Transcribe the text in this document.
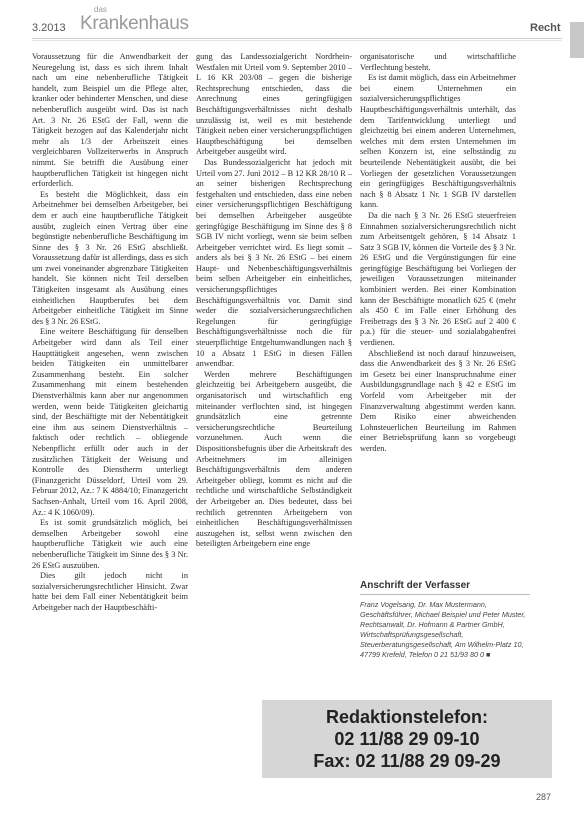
3.2013
das
Krankenhaus	Recht

Voraussetzung für die Anwendbarkeit der Neuregelung ist, dass es sich ihrem Inhalt nach um eine nebenberufliche Tätigkeit handelt, zum Beispiel um die Pflege alter, kranker oder behinderter Menschen, und diese nebenberuflich ausgeübt wird. Das ist nach Art. 3 Nr. 26 EStG der Fall, wenn die Tätigkeit bezogen auf das Kalenderjahr nicht mehr als 1/3 der Arbeitszeit eines vergleichbaren Vollzeiterwerbs in Anspruch nimmt. Sie betrifft die Ausübung einer hauptberuflichen Tätigkeit ist hingegen nicht erforderlich.

Es besteht die Möglichkeit, dass ein Arbeitnehmer bei demselben Arbeitgeber, bei dem er auch eine hauptberufliche Tätigkeit ausübt, zugleich einen Vertrag über eine begünstigte nebenberufliche Beschäftigung im Sinne des § 3 Nr. 26 EStG abschließt. Voraussetzung dafür ist allerdings, dass es sich um zwei voneinander abgrenzbare Tätigkeiten handelt. Sie können nicht Teil derselben Tätigkeiten insgesamt als Ausübung eines einheitlichen Hauptberufes bei dem Arbeitgeber einheitliche Tätigkeit im Sinne des § 3 Nr. 26 EStG.

Eine weitere Beschäftigung für denselben Arbeitgeber wird dann als Teil einer Haupttätigkeit angesehen, wenn zwischen beiden Tätigkeiten ein unmittelbarer Zusammenhang besteht. Ein solcher Zusammenhang mit einem bestehenden Dienstverhältnis kann aber nur angenommen werden, wenn beide Tätigkeiten gleichartig sind, der Beschäftigte mit der Nebentätigkeit eine ihm aus seinem Dienstverhältnis – faktisch oder rechtlich – obliegende Nebenpflicht erfüllt oder auch in der zusätzlichen Tätigkeit der Weisung und Kontrolle des Dienstherrn unterliegt (Finanzgericht Düsseldorf, Urteil vom 29. Februar 2012, Az.: 7 K 4884/10; Finanzgericht Sachsen-Anhalt, Urteil vom 16. April 2008, Az.: 4 K 1060/09).

Es ist somit grundsätzlich möglich, bei demselben Arbeitgeber sowohl eine hauptberufliche Tätigkeit wie auch eine nebenberufliche Tätigkeit im Sinne des § 3 Nr. 26 EStG auszuüben.

Dies gilt jedoch nicht in sozialversicherungsrechtlicher Hinsicht. Zwar hatte bei dem Fall einer Nebentätigkeit beim Arbeitgeber nach der Hauptbeschäfti-

gung das Landessozialgericht Nordrhein-Westfalen mit Urteil vom 9. September 2010 – L 16 KR 203/08 – gegen die bisherige Rechtsprechung entschieden, dass die Anrechnung eines geringfügigen Beschäftigungsverhältnisses nicht deshalb unzulässig ist, weil es mit bestehende Tätigkeit neben einer versicherungspflichtigen Hauptbeschäftigung bei demselben Arbeitgeber ausgeübt wird.

Das Bundessozialgericht hat jedoch mit Urteil vom 27. Juni 2012 – B 12 KR 28/10 R – an seiner bisherigen Rechtsprechung festgehalten und entschieden, dass eine neben einer versicherungspflichtigen Beschäftigung bei demselben Arbeitgeber ausgeübte geringfügige Beschäftigung im Sinne des § 8 SGB IV nicht vorliegt, wenn sie beim selben Arbeitgeber verrichtet wird. Es liegt somit – anders als bei § 3 Nr. 26 EStG – bei einem Haupt- und Nebenbeschäftigungsverhältnis beim selben Arbeitgeber ein einheitliches, versicherungspflichtiges Beschäftigungsverhältnis vor. Damit sind weder die sozialversicherungsrechtlichen Regelungen für geringfügige Beschäftigungsverhältnisse noch die für steuerpflichtige Entgeltumwandlungen nach § 10 a Absatz 1 EStG in diesen Fällen anwendbar.

Werden mehrere Beschäftigungen gleichzeitig bei Arbeitgebern ausgeübt, die organisatorisch und wirtschaftlich eng miteinander verflochten sind, ist hingegen grundsätzlich eine getrennte versicherungsrechtliche Beurteilung vorzunehmen. Auch wenn die Dispositionsbefugnis über die Arbeitskraft des Arbeitnehmers im alleinigen Beschäftigungsverhältnis dem anderen Arbeitgeber obliegt, kommt es nicht auf die rechtliche und wirtschaftliche Selbständigkeit der Arbeitgeber an. Dies bedeutet, dass bei rechtlich getrennten Arbeitgebern von einheitlichen Beschäftigungsverhältnissen auszugehen ist, selbst wenn zwischen den beteiligten Arbeitgebern eine enge

organisatorische und wirtschaftliche Verflechtung besteht.

Es ist damit möglich, dass ein Arbeitnehmer bei einem Unternehmen ein sozialversicherungspflichtiges Hauptbeschäftigungsverhältnis unterhält, das dem Tarifentwicklung unterliegt und gleichzeitig bei einem anderen Unternehmen, welches mit dem ersten Unternehmen im selben Konzern ist, eine selbständig zu beurteilende Nebentätigkeit ausübt, die bei Vorliegen der gesetzlichen Voraussetzungen ein geringfügiges Beschäftigungsverhältnis nach § 8 Absatz 1 Nr. 1 SGB IV darstellen kann.

Da die nach § 3 Nr. 26 EStG steuerfreien Einnahmen sozialversicherungsrechtlich nicht zum Arbeitsentgelt gehören, § 14 Absatz 1 Satz 3 SGB IV, können die Vorteile des § 3 Nr. 26 EStG und die Vergünstigungen für eine geringfügige Beschäftigung bei Vorliegen der jeweiligen Voraussetzungen miteinander kombiniert werden. Bei einer Kombination kann der Beschäftigte monatlich 625 € (mehr als 450 € im Falle einer Erhöhung des Freibetrags des § 3 Nr. 26 EStG auf 2 400 € p.a.) für die steuer- und sozialabgabenfrei verdienen.

Abschließend ist noch darauf hinzuweisen, dass die Anwendbarkeit des § 3 Nr. 26 EStG im Gesetz bei einer Inanspruchnahme einer Ausbildungsgrundlage nach § 42 e EStG im Vorfeld vom Arbeitgeber mit der Finanzverwaltung abgestimmt werden kann. Dem Risiko einer abweichenden Lohnsteuerlichen Beurteilung im Rahmen einer Betriebsprüfung kann so vorgebeugt werden.

Anschrift der Verfasser
Franz Vogelsang, Dr. Max Mustermann, Geschäftsführer, Michael Beispiel und Peter Muster, Rechtsanwalt, Dr. Hofmann & Partner GmbH, Wirtschaftsprüfungsgesellschaft, Steuerberatungsgesellschaft, Am Wilhelm-Platz 10, 47799 Krefeld, Telefon 0 21 51/93 80 0 ■
Redaktionstelefon:
02 11/88 29 09-10
Fax: 02 11/88 29 09-29
287
